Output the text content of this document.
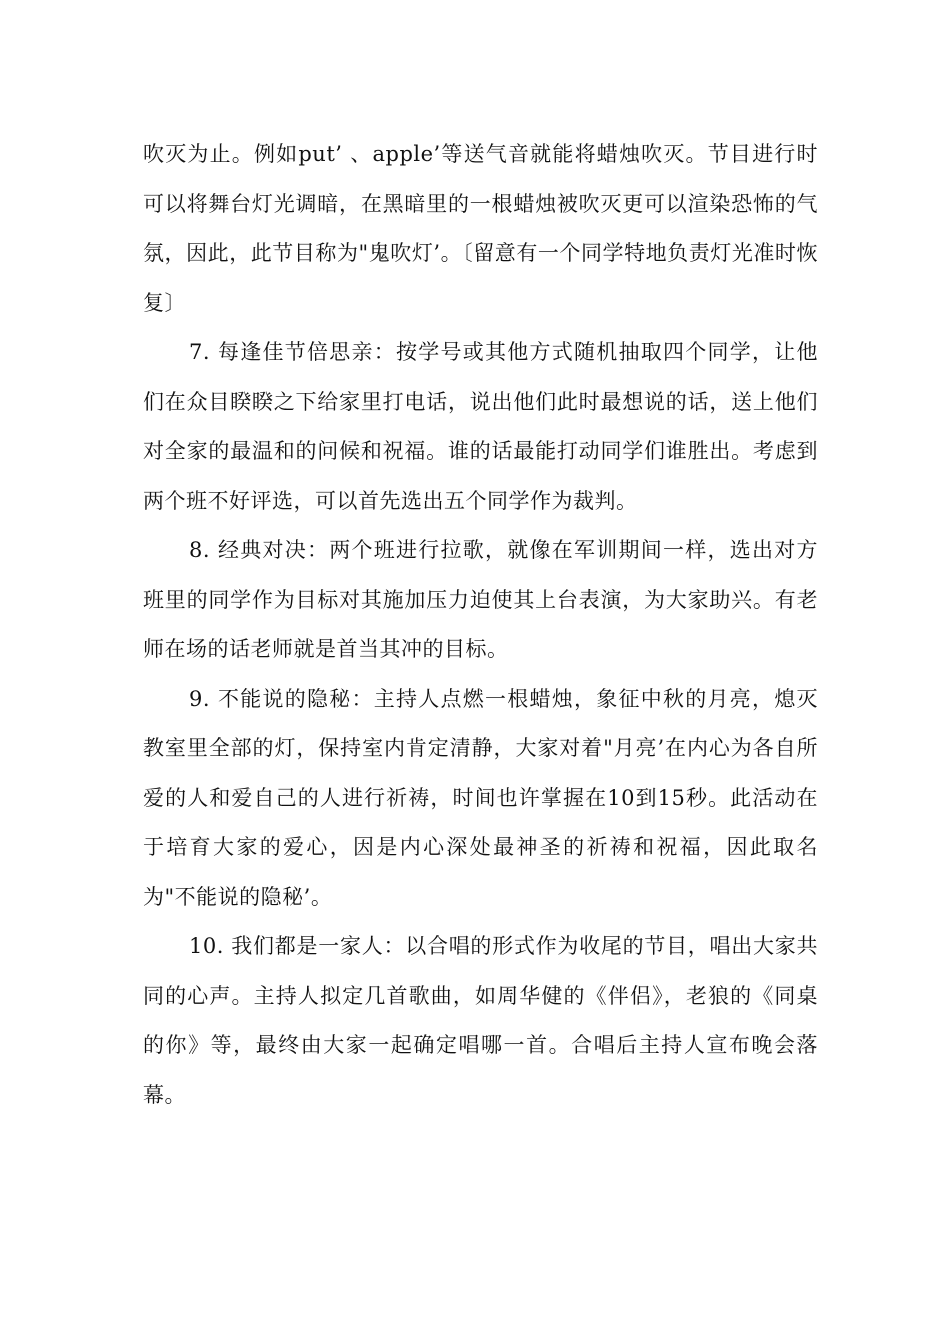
吹灭为止。例如put’ 、apple’等送气音就能将蜡烛吹灭。节目进行时可以将舞台灯光调暗，在黑暗里的一根蜡烛被吹灭更可以渲染恐怖的气氛，因此，此节目称为"鬼吹灯’。〔留意有一个同学特地负责灯光准时恢复〕

7. 每逢佳节倍思亲：按学号或其他方式随机抽取四个同学，让他们在众目睽睽之下给家里打电话，说出他们此时最想说的话，送上他们对全家的最温和的问候和祝福。谁的话最能打动同学们谁胜出。考虑到两个班不好评选，可以首先选出五个同学作为裁判。

8. 经典对决：两个班进行拉歌，就像在军训期间一样，选出对方班里的同学作为目标对其施加压力迫使其上台表演，为大家助兴。有老师在场的话老师就是首当其冲的目标。

9. 不能说的隐秘：主持人点燃一根蜡烛，象征中秋的月亮，熄灭教室里全部的灯，保持室内肯定清静，大家对着"月亮’在内心为各自所爱的人和爱自己的人进行祈祷，时间也许掌握在10到15秒。此活动在于培育大家的爱心，因是内心深处最神圣的祈祷和祝福，因此取名为"不能说的隐秘’。

10. 我们都是一家人：以合唱的形式作为收尾的节目，唱出大家共同的心声。主持人拟定几首歌曲，如周华健的《伴侣》，老狼的《同桌的你》等，最终由大家一起确定唱哪一首。合唱后主持人宣布晚会落幕。
